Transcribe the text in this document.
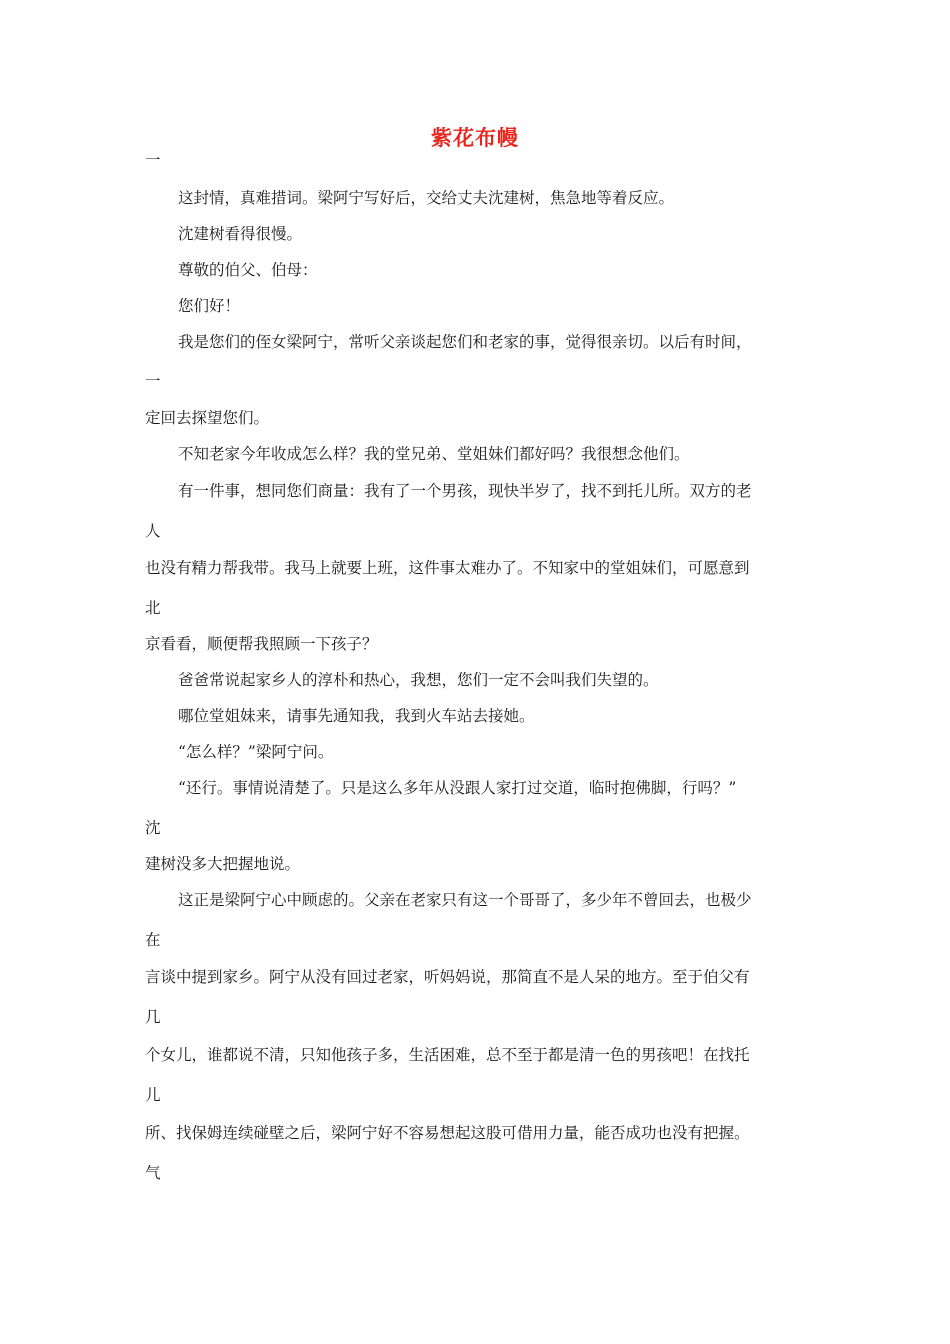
紫花布幔
一
这封情，真难措词。梁阿宁写好后，交给丈夫沈建树，焦急地等着反应。
沈建树看得很慢。
尊敬的伯父、伯母：
您们好！
我是您们的侄女梁阿宁，常听父亲谈起您们和老家的事，觉得很亲切。以后有时间，
一
定回去探望您们。
不知老家今年收成怎么样？我的堂兄弟、堂姐妹们都好吗？我很想念他们。
有一件事，想同您们商量：我有了一个男孩，现快半岁了，找不到托儿所。双方的老
人
也没有精力帮我带。我马上就要上班，这件事太难办了。不知家中的堂姐妹们，可愿意到
北
京看看，顺便帮我照顾一下孩子？
爸爸常说起家乡人的淳朴和热心，我想，您们一定不会叫我们失望的。
哪位堂姐妹来，请事先通知我，我到火车站去接她。
“怎么样？”梁阿宁问。
“还行。事情说清楚了。只是这么多年从没跟人家打过交道，临时抱佛脚，行吗？”
沈
建树没多大把握地说。
这正是梁阿宁心中顾虑的。父亲在老家只有这一个哥哥了，多少年不曾回去，也极少
在
言谈中提到家乡。阿宁从没有回过老家，听妈妈说，那简直不是人呆的地方。至于伯父有
几
个女儿，谁都说不清，只知他孩子多，生活困难，总不至于都是清一色的男孩吧！在找托
儿
所、找保姆连续碰壁之后，梁阿宁好不容易想起这股可借用力量，能否成功也没有把握。
气
